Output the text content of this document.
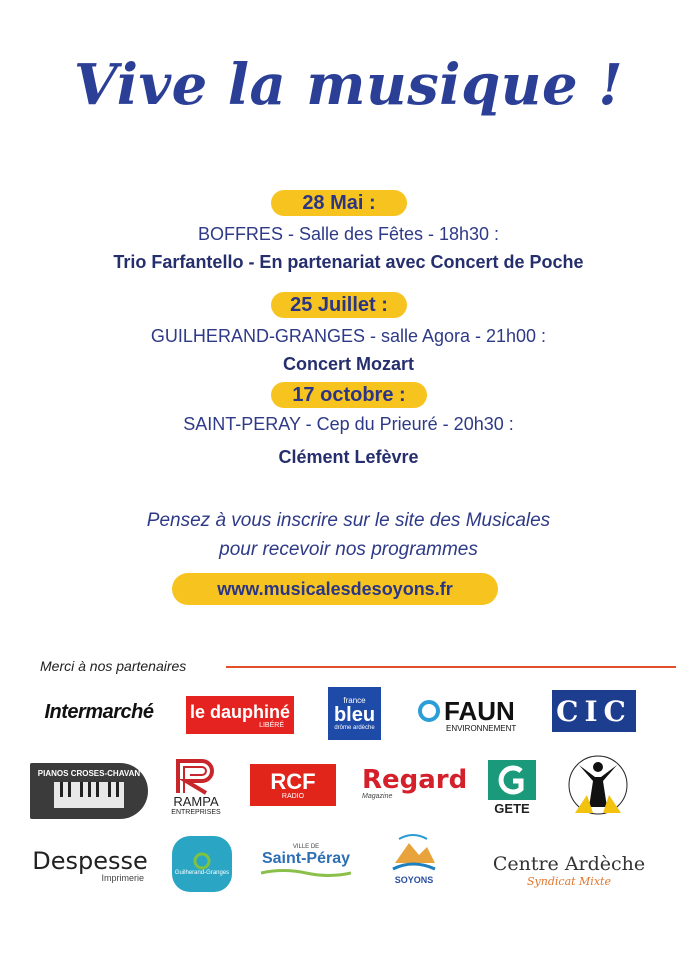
Vive la musique !
28 Mai :
BOFFRES - Salle des Fêtes - 18h30 :
Trio Farfantello - En partenariat avec Concert de Poche
25 Juillet :
GUILHERAND-GRANGES - salle Agora - 21h00 :
Concert Mozart
17 octobre :
SAINT-PERAY - Cep du Prieuré - 20h30 :
Clément Lefèvre
Pensez à vous inscrire sur le site des Musicales
pour recevoir nos programmes
www.musicalesdesoyons.fr
Merci à nos partenaires
Intermarché le dauphiné
LIBÉRÉ
france
bleu
drôme ardèche
FAUN
ENVIRONNEMENT
CIC
PIANOS CROSES-CHAVAN
RAMPA
ENTREPRISES
RCF
RADIO
Regard
Magazine
GETE
Despesse
Imprimerie	Guilherand-Granges
VILLE DE
Saint-Péray
SOYONS
Centre Ardèche
Syndicat Mixte
